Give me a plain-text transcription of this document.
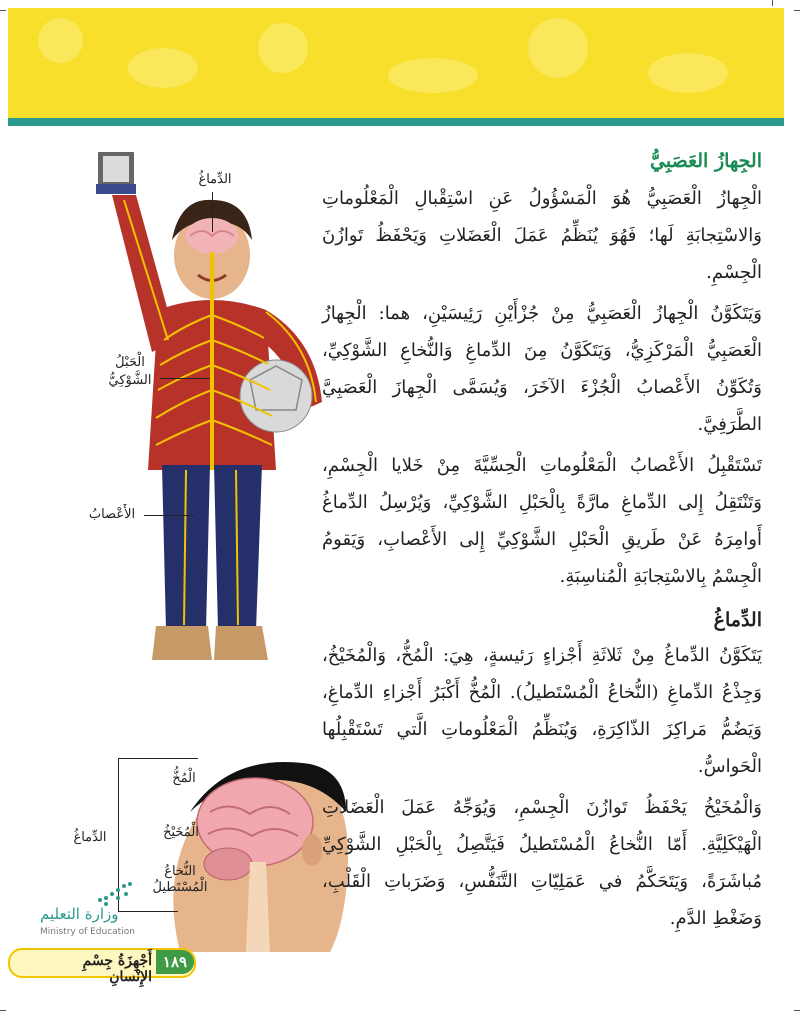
الدِّماغُ
الْحَبْلُ
الشَّوْكِيُّ
الأَعْصابُ
الدِّماغُ
الْمُخُّ
الْمُخَيْخُ
النُّخاعُ
الْمُسْتَطيلُ
الجِهازُ العَصَبِيُّ

الْجِهازُ الْعَصَبِيُّ هُوَ الْمَسْؤُولُ عَنِ اسْتِقْبالِ الْمَعْلُوماتِ وَالاسْتِجابَةِ لَها؛ فَهُوَ يُنَظِّمُ عَمَلَ الْعَضَلاتِ وَيَحْفَظُ تَوازُنَ الْجِسْمِ.

وَيَتَكَوَّنُ الْجِهازُ الْعَصَبِيُّ مِنْ جُزْأَيْنِ رَئِيسَيْنِ، هما: الْجِهازُ الْعَصَبِيُّ الْمَرْكَزِيُّ، وَيَتَكَوَّنُ مِنَ الدِّماغِ وَالنُّخاعِ الشَّوْكِيِّ، وَتُكَوِّنُ الأَعْصابُ الْجُزْءَ الآخَرَ، وَيُسَمَّى الْجِهازَ الْعَصَبِيَّ الطَّرَفِيَّ.

تَسْتَقْبِلُ الأَعْصابُ الْمَعْلُوماتِ الْحِسِّيَّةَ مِنْ خَلايا الْجِسْمِ، وَتَنْتَقِلُ إِلى الدِّماغِ مارَّةً بِالْحَبْلِ الشَّوْكِيِّ، وَيُرْسِلُ الدِّماغُ أَوامِرَهُ عَنْ طَريقِ الْحَبْلِ الشَّوْكِيِّ إِلى الأَعْصابِ، وَيَقومُ الْجِسْمُ بِالاسْتِجابَةِ الْمُناسِبَةِ.

الدِّماغُ

يَتَكَوَّنُ الدِّماغُ مِنْ ثَلاثَةِ أَجْزاءٍ رَئيسةٍ، هِيَ: الْمُخُّ، وَالْمُخَيْخُ، وَجِذْعُ الدِّماغِ (النُّخاعُ الْمُسْتَطيلُ). الْمُخُّ أَكْبَرُ أَجْزاءِ الدِّماغِ، وَيَضُمُّ مَراكِزَ الذّاكِرَةِ، وَيُنَظِّمُ الْمَعْلُوماتِ الَّتي تَسْتَقْبِلُها الْحَواسُّ.

وَالْمُخَيْخُ يَحْفَظُ تَوازُنَ الْجِسْمِ، وَيُوَجِّهُ عَمَلَ الْعَضَلاتِ الْهَيْكَلِيَّةِ. أَمّا النُّخاعُ الْمُسْتَطيلُ فَيَتَّصِلُ بِالْحَبْلِ الشَّوْكِيِّ مُباشَرَةً، وَيَتَحَكَّمُ في عَمَلِيّاتِ التَّنَفُّسِ، وَضَرَباتِ الْقَلْبِ، وَضَغْطِ الدَّمِ.

وزارة التعليم
Ministry of Education
١٨٩
أَجْهِزَةُ جِسْمِ الإِنْسانِ
